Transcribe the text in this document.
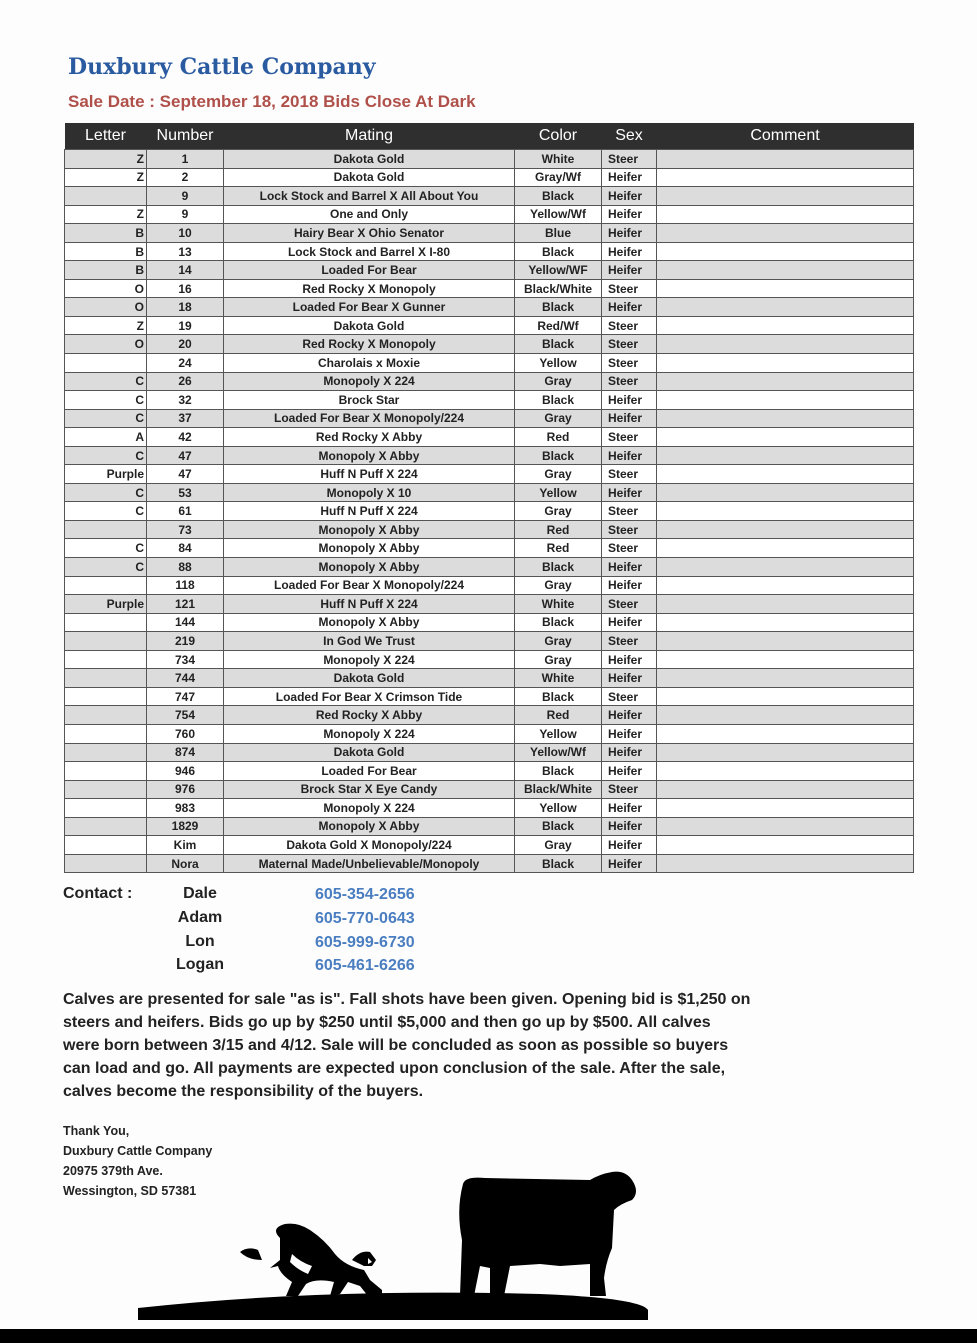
Duxbury Cattle Company
Sale Date : September 18, 2018 Bids Close At Dark
Letter	Number	Mating	Color	Sex	Comment
Z	1	Dakota Gold	White	Steer	
Z	2	Dakota Gold	Gray/Wf	Heifer	
	9	Lock Stock and Barrel X All About You	Black	Heifer	
Z	9	One and Only	Yellow/Wf	Heifer	
B	10	Hairy Bear X Ohio Senator	Blue	Heifer	
B	13	Lock Stock and Barrel X I-80	Black	Heifer	
B	14	Loaded For Bear	Yellow/WF	Heifer	
O	16	Red Rocky X Monopoly	Black/White	Steer	
O	18	Loaded For Bear X Gunner	Black	Heifer	
Z	19	Dakota Gold	Red/Wf	Steer	
O	20	Red Rocky X Monopoly	Black	Steer	
	24	Charolais x Moxie	Yellow	Steer	
C	26	Monopoly X 224	Gray	Steer	
C	32	Brock Star	Black	Heifer	
C	37	Loaded For Bear X Monopoly/224	Gray	Heifer	
A	42	Red Rocky X Abby	Red	Steer	
C	47	Monopoly X Abby	Black	Heifer	
Purple	47	Huff N Puff X 224	Gray	Steer	
C	53	Monopoly X 10	Yellow	Heifer	
C	61	Huff N Puff X 224	Gray	Steer	
	73	Monopoly X Abby	Red	Steer	
C	84	Monopoly X Abby	Red	Steer	
C	88	Monopoly X Abby	Black	Heifer	
	118	Loaded For Bear X Monopoly/224	Gray	Heifer	
Purple	121	Huff N Puff X 224	White	Steer	
	144	Monopoly X Abby	Black	Heifer	
	219	In God We Trust	Gray	Steer	
	734	Monopoly X 224	Gray	Heifer	
	744	Dakota Gold	White	Heifer	
	747	Loaded For Bear X Crimson Tide	Black	Steer	
	754	Red Rocky X Abby	Red	Heifer	
	760	Monopoly X 224	Yellow	Heifer	
	874	Dakota Gold	Yellow/Wf	Heifer	
	946	Loaded For Bear	Black	Heifer	
	976	Brock Star X Eye Candy	Black/White	Steer	
	983	Monopoly X 224	Yellow	Heifer	
	1829	Monopoly X Abby	Black	Heifer	
	Kim	Dakota Gold X Monopoly/224	Gray	Heifer	
	Nora	Maternal Made/Unbelievable/Monopoly	Black	Heifer	
Contact :	Dale	605-354-2656
Adam	605-770-0643
Lon	605-999-6730
Logan	605-461-6266
Calves are presented for sale "as is". Fall shots have been given. Opening bid is $1,250 on
steers and heifers. Bids go up by $250 until $5,000 and then go up by $500. All calves
were born between 3/15 and 4/12. Sale will be concluded as soon as possible so buyers
can load and go. All payments are expected upon conclusion of the sale. After the sale,
calves become the responsibility of the buyers.
Thank You,
Duxbury Cattle Company
20975 379th Ave.
Wessington, SD 57381
